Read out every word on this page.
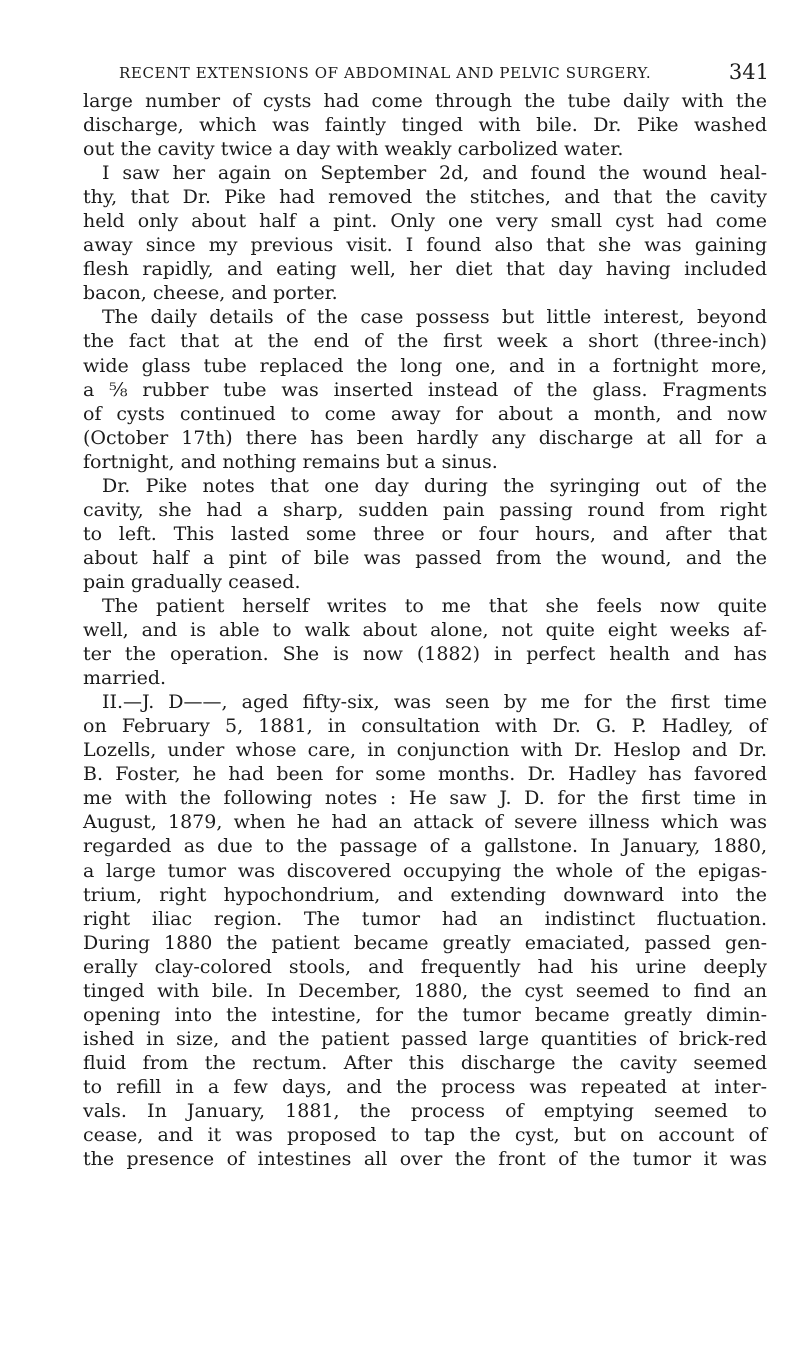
RECENT EXTENSIONS OF ABDOMINAL AND PELVIC SURGERY.	341
large number of cysts had come through the tube daily with the
discharge, which was faintly tinged with bile. Dr. Pike washed
out the cavity twice a day with weakly carbolized water.
I saw her again on September 2d, and found the wound heal-
thy, that Dr. Pike had removed the stitches, and that the cavity
held only about half a pint. Only one very small cyst had come
away since my previous visit. I found also that she was gaining
flesh rapidly, and eating well, her diet that day having included
bacon, cheese, and porter.
The daily details of the case possess but little interest, beyond
the fact that at the end of the first week a short (three-inch)
wide glass tube replaced the long one, and in a fortnight more,
a ⅝ rubber tube was inserted instead of the glass. Fragments
of cysts continued to come away for about a month, and now
(October 17th) there has been hardly any discharge at all for a
fortnight, and nothing remains but a sinus.
Dr. Pike notes that one day during the syringing out of the
cavity, she had a sharp, sudden pain passing round from right
to left. This lasted some three or four hours, and after that
about half a pint of bile was passed from the wound, and the
pain gradually ceased.
The patient herself writes to me that she feels now quite
well, and is able to walk about alone, not quite eight weeks af-
ter the operation. She is now (1882) in perfect health and has
married.
II.—J. D——, aged fifty-six, was seen by me for the first time
on February 5, 1881, in consultation with Dr. G. P. Hadley, of
Lozells, under whose care, in conjunction with Dr. Heslop and Dr.
B. Foster, he had been for some months. Dr. Hadley has favored
me with the following notes : He saw J. D. for the first time in
August, 1879, when he had an attack of severe illness which was
regarded as due to the passage of a gallstone. In January, 1880,
a large tumor was discovered occupying the whole of the epigas-
trium, right hypochondrium, and extending downward into the
right iliac region. The tumor had an indistinct fluctuation.
During 1880 the patient became greatly emaciated, passed gen-
erally clay-colored stools, and frequently had his urine deeply
tinged with bile. In December, 1880, the cyst seemed to find an
opening into the intestine, for the tumor became greatly dimin-
ished in size, and the patient passed large quantities of brick-red
fluid from the rectum. After this discharge the cavity seemed
to refill in a few days, and the process was repeated at inter-
vals. In January, 1881, the process of emptying seemed to
cease, and it was proposed to tap the cyst, but on account of
the presence of intestines all over the front of the tumor it was
